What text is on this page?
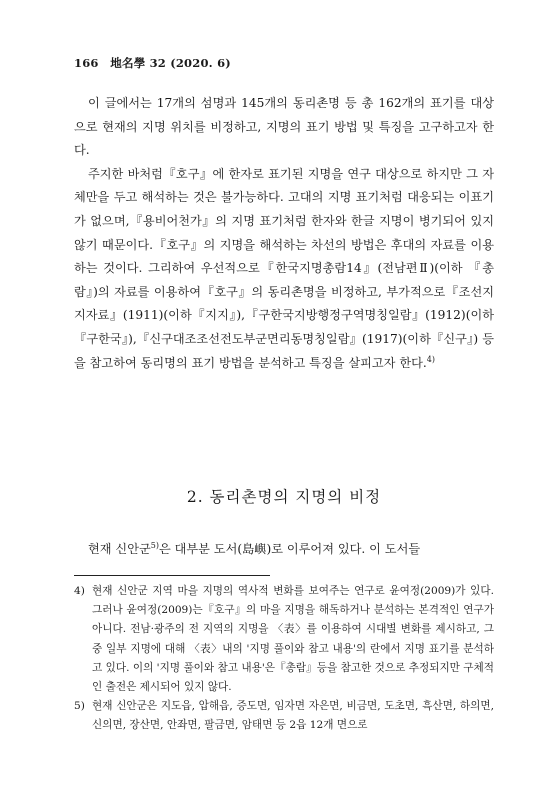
166　地名學 32 (2020. 6)

이 글에서는 17개의 섬명과 145개의 동리촌명 등 총 162개의 표기를 대상으로 현재의 지명 위치를 비정하고, 지명의 표기 방법 및 특징을 고구하고자 한다.

주지한 바처럼『호구』에 한자로 표기된 지명을 연구 대상으로 하지만 그 자체만을 두고 해석하는 것은 불가능하다. 고대의 지명 표기처럼 대응되는 이표기가 없으며,『용비어천가』의 지명 표기처럼 한자와 한글 지명이 병기되어 있지 않기 때문이다.『호구』의 지명을 해석하는 차선의 방법은 후대의 자료를 이용하는 것이다. 그리하여 우선적으로『한국지명총람14』(전남편Ⅱ)(이하 『총람』)의 자료를 이용하여『호구』의 동리촌명을 비정하고, 부가적으로『조선지지자료』(1911)(이하『지지』),『구한국지방행정구역명칭일람』(1912)(이하『구한국』),『신구대조조선전도부군면리동명칭일람』(1917)(이하『신구』) 등을 참고하여 동리명의 표기 방법을 분석하고 특징을 살피고자 한다.$^{4)}$

2. 동리촌명의 지명의 비정

현재 신안군$^{5)}$은 대부분 도서(島嶼)로 이루어져 있다. 이 도서들

4) 현재 신안군 지역 마을 지명의 역사적 변화를 보여주는 연구로 윤여정(2009)가 있다. 그러나 윤여정(2009)는『호구』의 마을 지명을 해독하거나 분석하는 본격적인 연구가 아니다. 전남·광주의 전 지역의 지명을 〈表〉를 이용하여 시대별 변화를 제시하고, 그 중 일부 지명에 대해 〈表〉내의 '지명 풀이와 참고 내용'의 란에서 지명 표기를 분석하고 있다. 이의 '지명 풀이와 참고 내용'은『총람』등을 참고한 것으로 추정되지만 구체적인 출전은 제시되어 있지 않다.

5) 현재 신안군은 지도읍, 압해읍, 증도면, 임자면 자은면, 비금면, 도초면, 흑산면, 하의면, 신의면, 장산면, 안좌면, 팔금면, 암태면 등 2읍 12개 면으로
